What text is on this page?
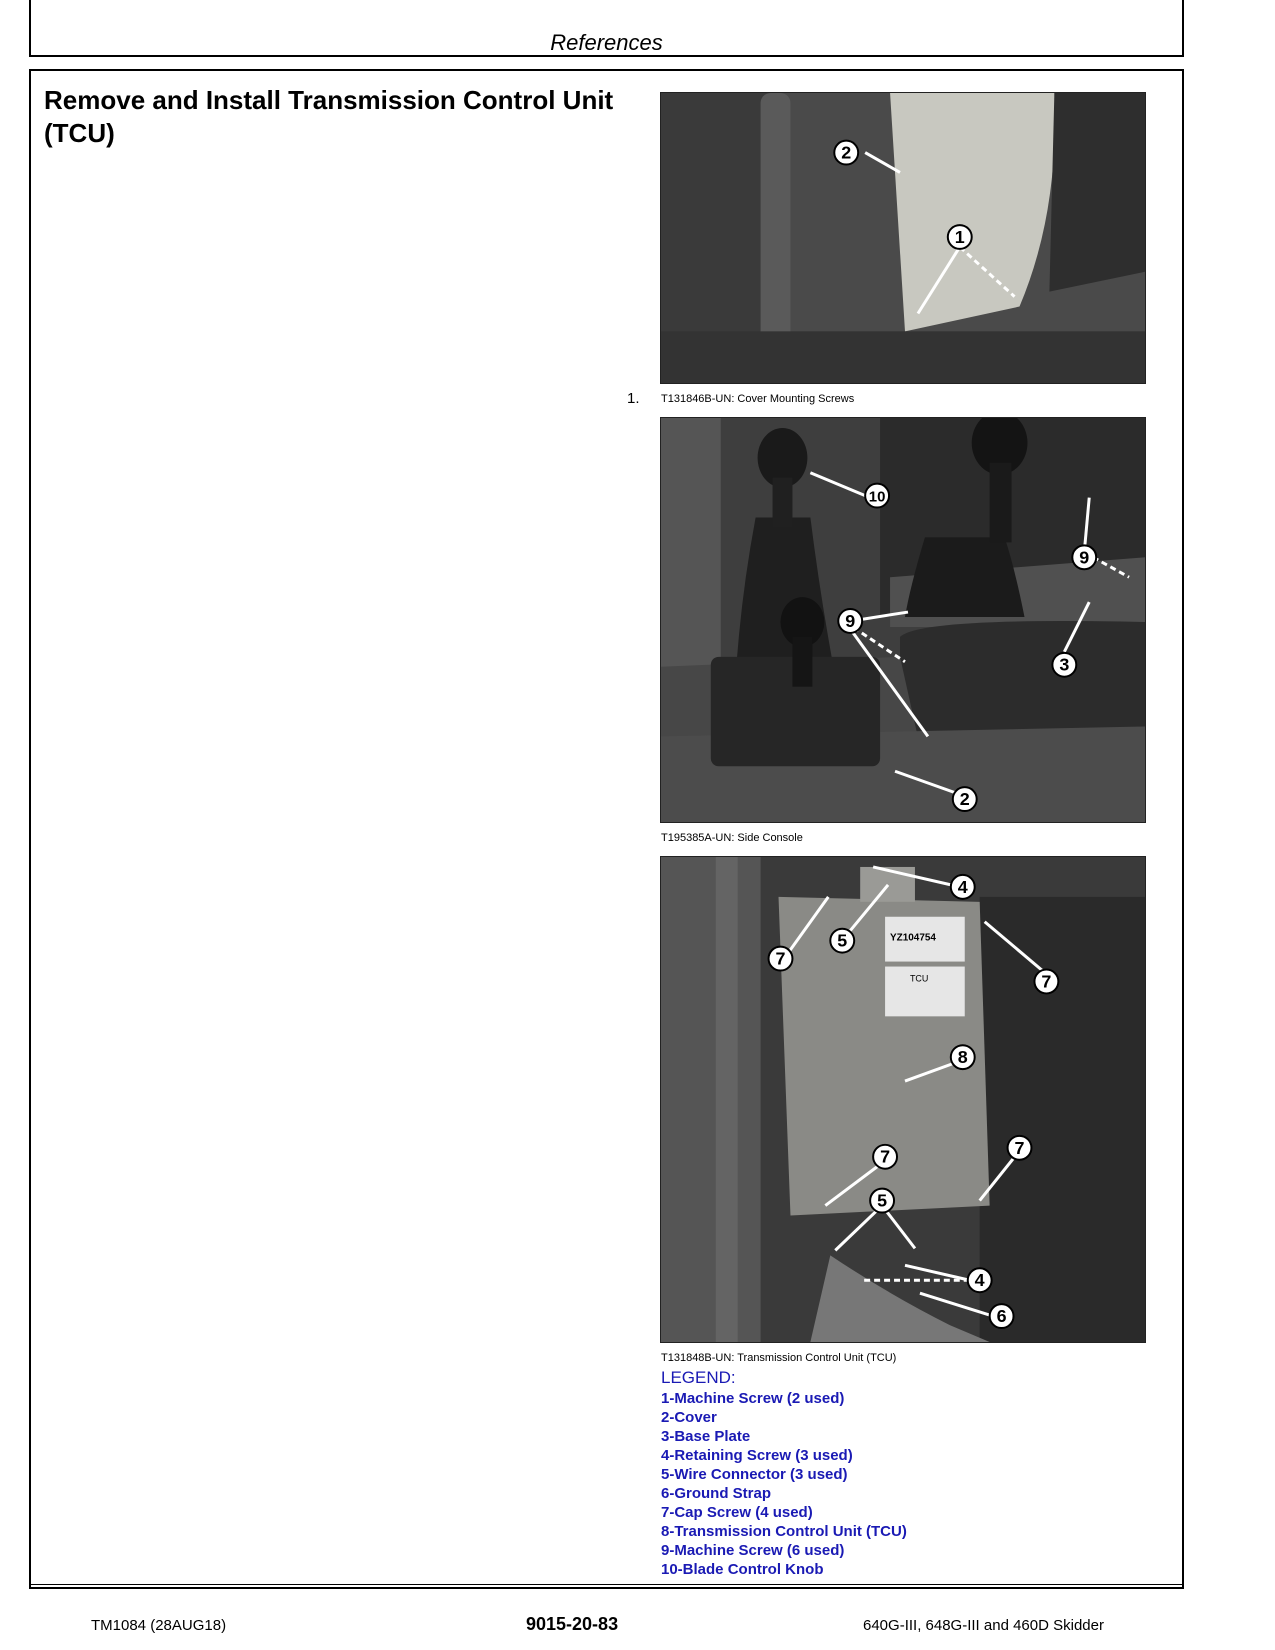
References
Remove and Install Transmission Control Unit (TCU)
2
1
T131846B-UN: Cover Mounting Screws
1.
10
9
9
3
2
T195385A-UN: Side Console
YZ104754
TCU
4
5
7
7
8
7
7
5
4
6
T131848B-UN: Transmission Control Unit (TCU)
LEGEND:
1-Machine Screw (2 used)
2-Cover
3-Base Plate
4-Retaining Screw (3 used)
5-Wire Connector (3 used)
6-Ground Strap
7-Cap Screw (4 used)
8-Transmission Control Unit (TCU)
9-Machine Screw (6 used)
10-Blade Control Knob
TM1084 (28AUG18)	9015-20-83	640G-III, 648G-III and 460D Skidder
